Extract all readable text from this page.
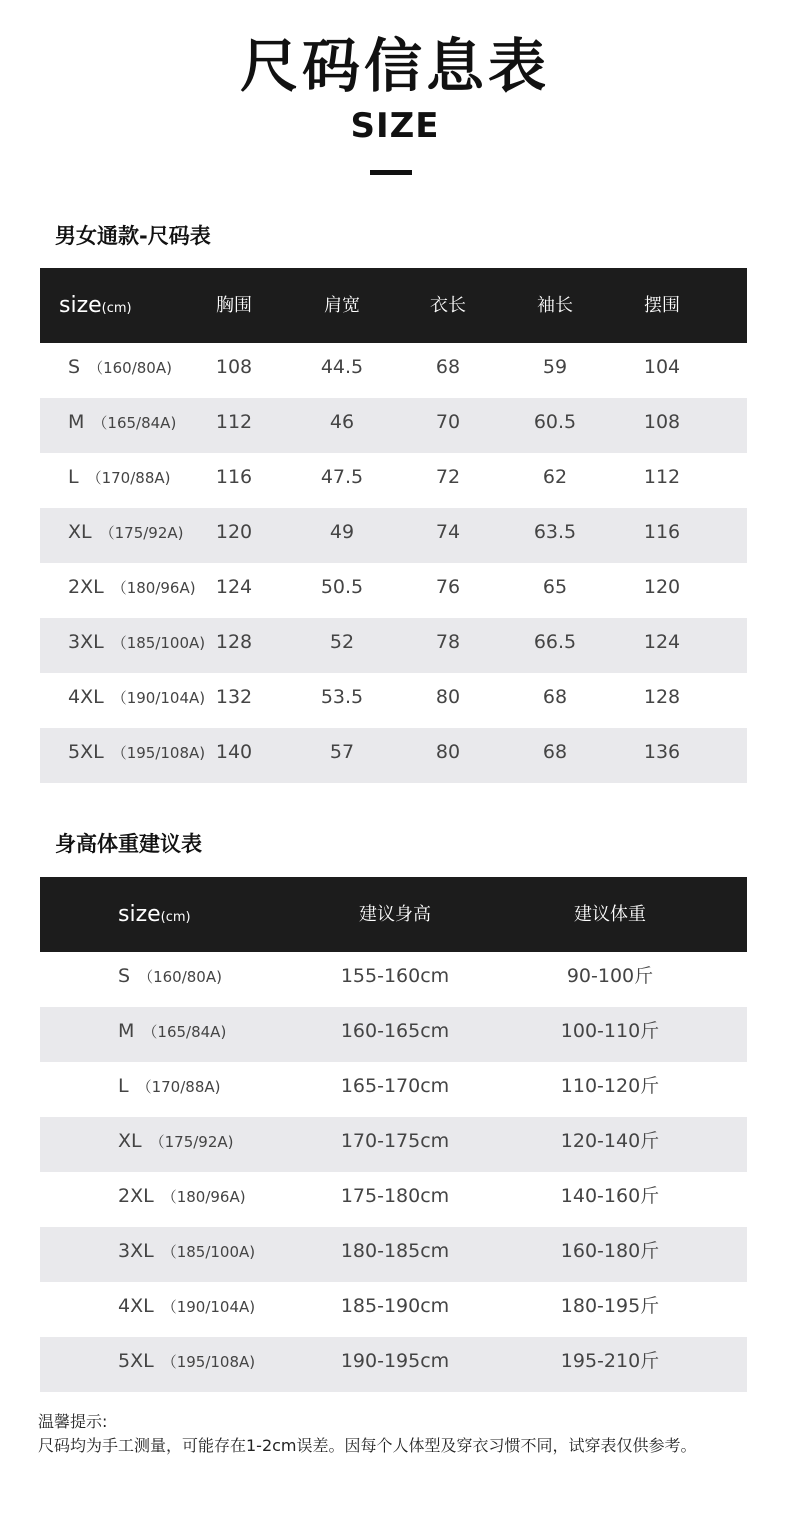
尺码信息表
SIZE
男女通款-尺码表
size(cm)	胸围	肩宽	衣长	袖长	摆围
S （160/80A)	108	44.5	68	59	104
M （165/84A)	112	46	70	60.5	108
L （170/88A)	116	47.5	72	62	112
XL （175/92A)	120	49	74	63.5	116
2XL （180/96A)	124	50.5	76	65	120
3XL （185/100A) 128	52	78	66.5	124
4XL （190/104A) 132	53.5	80	68	128
5XL （195/108A) 140	57	80	68	136
身高体重建议表
size(cm)	建议身高	建议体重
S （160/80A)	155-160cm	90-100斤
M （165/84A)	160-165cm	100-110斤
L （170/88A)	165-170cm	110-120斤
XL （175/92A)	170-175cm	120-140斤
2XL （180/96A)	175-180cm	140-160斤
3XL （185/100A)	180-185cm	160-180斤
4XL （190/104A)	185-190cm	180-195斤
5XL （195/108A)	190-195cm	195-210斤
温馨提示:
尺码均为手工测量，可能存在1-2cm误差。因每个人体型及穿衣习惯不同，试穿表仅供参考。
